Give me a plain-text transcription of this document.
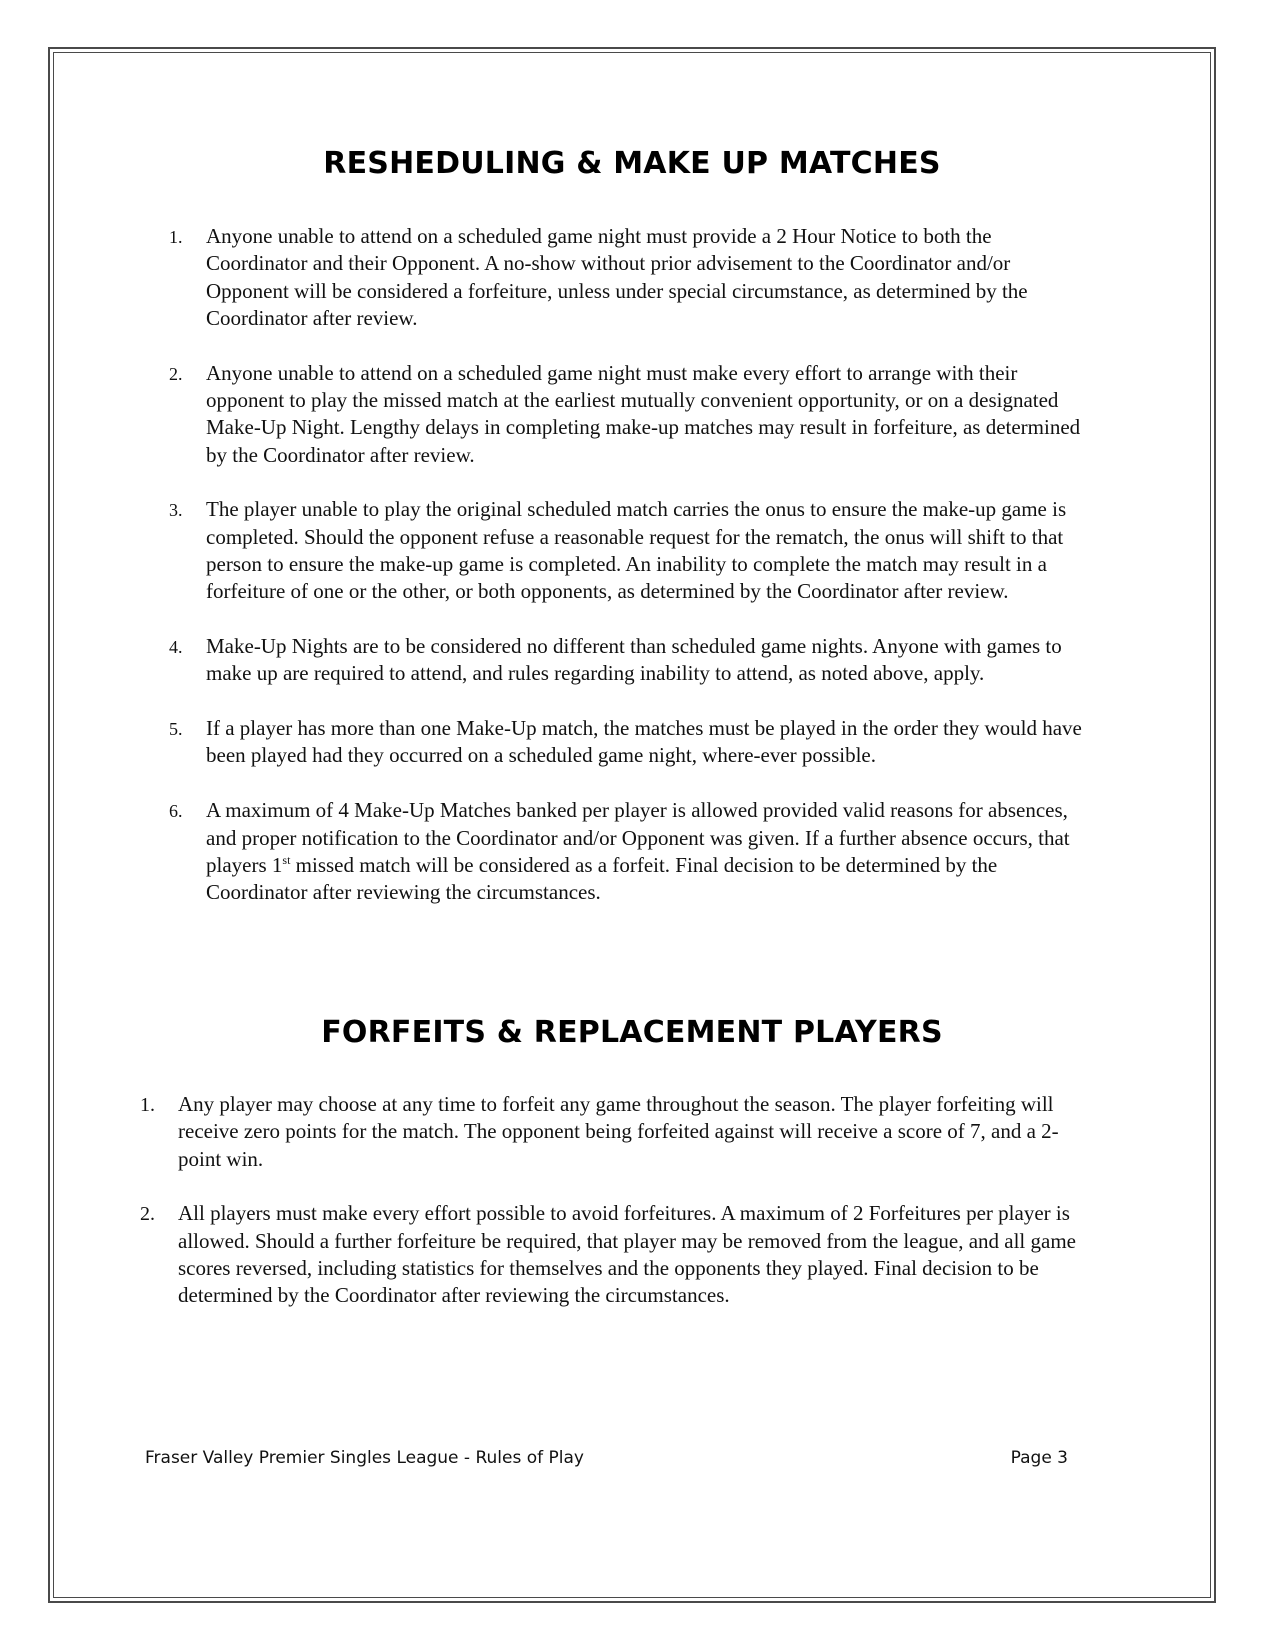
RESHEDULING & MAKE UP MATCHES
1. Anyone unable to attend on a scheduled game night must provide a 2 Hour Notice to both the Coordinator and their Opponent. A no-show without prior advisement to the Coordinator and/or Opponent will be considered a forfeiture, unless under special circumstance, as determined by the Coordinator after review.
2. Anyone unable to attend on a scheduled game night must make every effort to arrange with their opponent to play the missed match at the earliest mutually convenient opportunity, or on a designated Make-Up Night. Lengthy delays in completing make-up matches may result in forfeiture, as determined by the Coordinator after review.
3. The player unable to play the original scheduled match carries the onus to ensure the make-up game is completed. Should the opponent refuse a reasonable request for the rematch, the onus will shift to that person to ensure the make-up game is completed. An inability to complete the match may result in a forfeiture of one or the other, or both opponents, as determined by the Coordinator after review.
4. Make-Up Nights are to be considered no different than scheduled game nights. Anyone with games to make up are required to attend, and rules regarding inability to attend, as noted above, apply.
5. If a player has more than one Make-Up match, the matches must be played in the order they would have been played had they occurred on a scheduled game night, where-ever possible.
6. A maximum of 4 Make-Up Matches banked per player is allowed provided valid reasons for absences, and proper notification to the Coordinator and/or Opponent was given. If a further absence occurs, that players 1st missed match will be considered as a forfeit. Final decision to be determined by the Coordinator after reviewing the circumstances.
FORFEITS & REPLACEMENT PLAYERS
1. Any player may choose at any time to forfeit any game throughout the season. The player forfeiting will receive zero points for the match. The opponent being forfeited against will receive a score of 7, and a 2-point win.
2. All players must make every effort possible to avoid forfeitures. A maximum of 2 Forfeitures per player is allowed. Should a further forfeiture be required, that player may be removed from the league, and all game scores reversed, including statistics for themselves and the opponents they played. Final decision to be determined by the Coordinator after reviewing the circumstances.
Fraser Valley Premier Singles League - Rules of Play	Page 3
